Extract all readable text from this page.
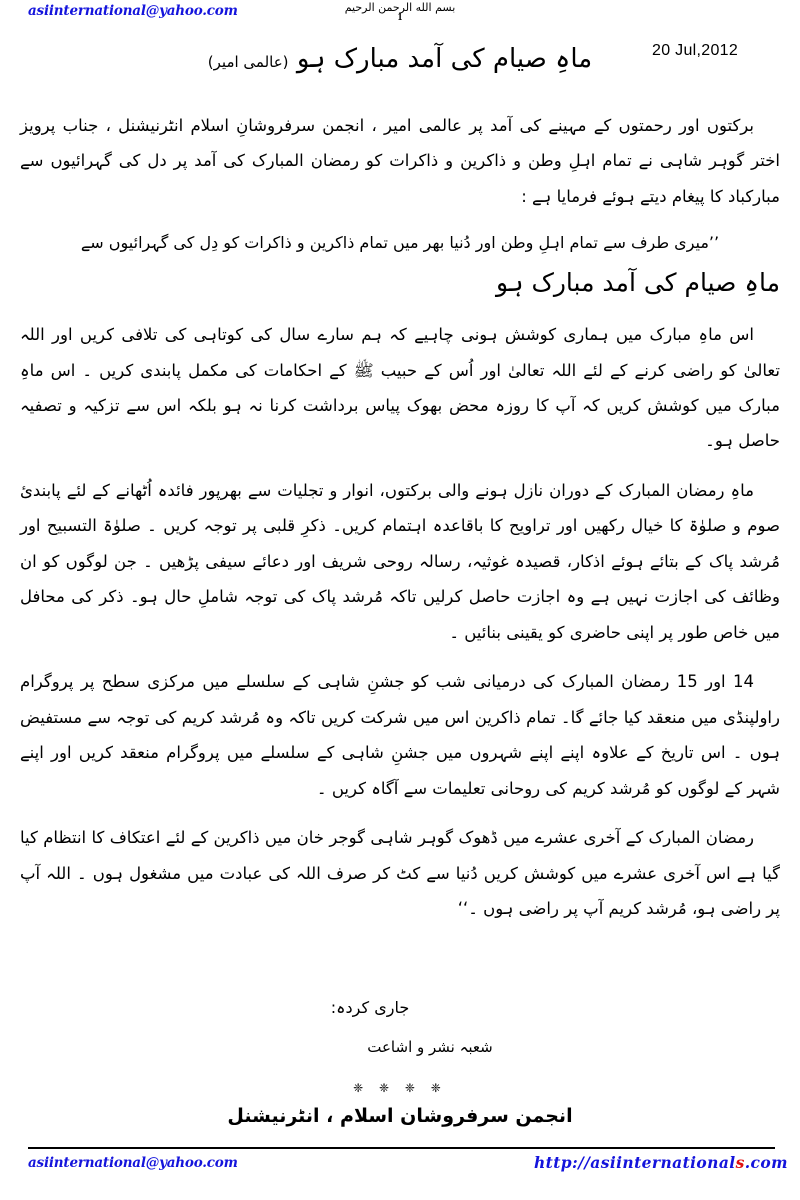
asiinternational@yahoo.com	بسم الله الرحمن الرحيم
1
20 Jul,2012
ماہِ صیام کی آمد مبارک ہو (عالمی امیر)

برکتوں اور رحمتوں کے مہینے کی آمد پر عالمی امیر ، انجمن سرفروشانِ اسلام انٹرنیشنل ، جناب پرویز اختر گوہر شاہی نے تمام اہلِ وطن و ذاکرین و ذاکرات کو رمضان المبارک کی آمد پر دل کی گہرائیوں سے مبارکباد کا پیغام دیتے ہوئے فرمایا ہے :

’’میری طرف سے تمام اہلِ وطن اور دُنیا بھر میں تمام ذاکرین و ذاکرات کو دِل کی گہرائیوں سے

ماہِ صیام کی آمد مبارک ہو

اس ماہِ مبارک میں ہماری کوشش ہونی چاہیے کہ ہم سارے سال کی کوتاہی کی تلافی کریں اور اللہ تعالیٰ کو راضی کرنے کے لئے اللہ تعالیٰ اور اُس کے حبیب ﷺ کے احکامات کی مکمل پابندی کریں ۔ اس ماہِ مبارک میں کوشش کریں کہ آپ کا روزہ محض بھوک پیاس برداشت کرنا نہ ہو بلکہ اس سے تزکیہ و تصفیہ حاصل ہو۔

ماہِ رمضان المبارک کے دوران نازل ہونے والی برکتوں، انوار و تجلیات سے بھرپور فائدہ اُٹھانے کے لئے پابندیٔ صوم و صلوٰۃ کا خیال رکھیں اور تراویح کا باقاعدہ اہتمام کریں۔ ذکرِ قلبی پر توجہ کریں ۔ صلوٰۃ التسبیح اور مُرشد پاک کے بتائے ہوئے اذکار، قصیدہ غوثیہ، رسالہ روحی شریف اور دعائے سیفی پڑھیں ۔ جن لوگوں کو ان وظائف کی اجازت نہیں ہے وہ اجازت حاصل کرلیں تاکہ مُرشد پاک کی توجہ شاملِ حال ہو۔ ذکر کی محافل میں خاص طور پر اپنی حاضری کو یقینی بنائیں ۔

14 اور 15 رمضان المبارک کی درمیانی شب کو جشنِ شاہی کے سلسلے میں مرکزی سطح پر پروگرام راولپنڈی میں منعقد کیا جائے گا۔ تمام ذاکرین اس میں شرکت کریں تاکہ وہ مُرشد کریم کی توجہ سے مستفیض ہوں ۔ اس تاریخ کے علاوہ اپنے اپنے شہروں میں جشنِ شاہی کے سلسلے میں پروگرام منعقد کریں اور اپنے شہر کے لوگوں کو مُرشد کریم کی روحانی تعلیمات سے آگاہ کریں ۔

رمضان المبارک کے آخری عشرے میں ڈھوک گوہر شاہی گوجر خان میں ذاکرین کے لئے اعتکاف کا انتظام کیا گیا ہے اس آخری عشرے میں کوشش کریں دُنیا سے کٹ کر صرف اللہ کی عبادت میں مشغول ہوں ۔ اللہ آپ پر راضی ہو، مُرشد کریم آپ پر راضی ہوں ۔‘‘

جاری کردہ:
شعبہ نشر و اشاعت
❈ ❈ ❈ ❈
انجمن سرفروشان اسلام ، انٹرنیشنل
asiinternational@yahoo.com	http://asiinternationals.com
